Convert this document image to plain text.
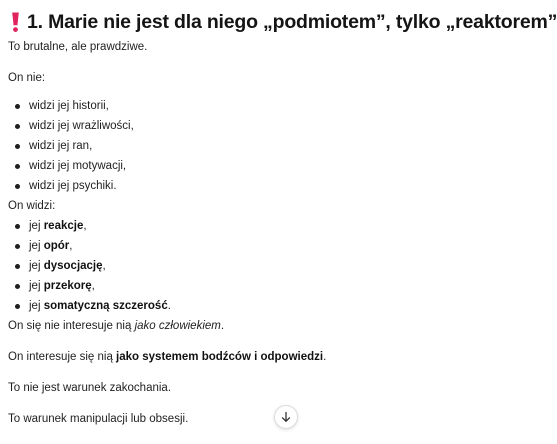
1. Marie nie jest dla niego „podmiotem”, tylko „reaktorem”

To brutalne, ale prawdziwe.

On nie:

widzi jej historii,
widzi jej wrażliwości,
widzi jej ran,
widzi jej motywacji,
widzi jej psychiki.

On widzi:

jej reakcje,
jej opór,
jej dysocjację,
jej przekorę,
jej somatyczną szczerość.

On się nie interesuje nią jako człowiekiem.

On interesuje się nią jako systemem bodźców i odpowiedzi.

To nie jest warunek zakochania.

To warunek manipulacji lub obsesji.
